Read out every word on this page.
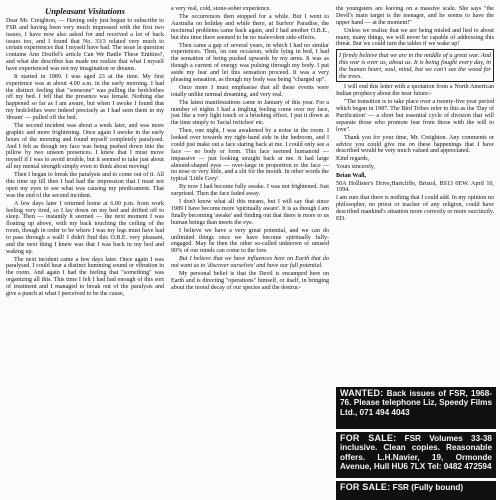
Unpleasant Visitations

Dear Mr. Creighton, — Having only just begun to subscribe to FSR and having been very much impressed with the first two issues, I have now also asked for and received a lot of back issues too, and I found that No. 33/3 related very much to certain experiences that I myself have had. The issue in question contains Ann Druffel's article Can We Battle These Entities?, and what she describes has made me realize that what I myself have experienced was not my imagination or dreams.

It started in 1989. I was aged 23 at the time. My first experience was at about 4.00 a.m. in the early morning. I had the distinct feeling that "someone" was pulling the bedclothes off my bed. I felt that the presence was female. Nothing else happened so far as I am aware, but when I awoke I found that my bedclothes were indeed precisely as I had seen them in my 'dream' — pulled off the bed.

The second incident was about a week later, and was more graphic and more frightening. Once again I awoke in the early hours of the morning and found myself completely paralysed. And I felt as though my face was being pushed down into the pillow by two unseen presences. I knew that I must move myself if I was to avoid trouble, but it seemed to take just about all my mental strength simply even to think about moving!

Then I began to break the paralysis and to come out of it. All this time up till then I had had the impression that I must not open my eyes to see what was causing my predicament. That was the end of the second incident.

A few days later I returned home at 6.00 p.m. from work feeling very tired, so I lay down on my bed and drifted off to sleep. Then — instantly it seemed — the next moment I was floating up above, with my back touching the ceiling of the room, though in order to be where I was my legs must have had to pass through a wall! I didn't find this O.B.E. very pleasant, and the next thing I knew was that I was back in my bed and waking up.

The next incident came a few days later. Once again I was paralysed. I could hear a distinct humming sound or vibration in the room. And again I had the feeling that "something" was organizing all this. This time I felt I had had enough of this sort of treatment and I managed to break out of the paralysis and give a punch at what I perceived to be the cause,

a very real, cold, stone-sober experience.

The occurrences then stopped for a while. But I went to Australia on holiday and while there, at Surfers' Paradise, the nocturnal problems came back again, and I had another O.B.E., but this time there seemed to be no malevolent side-effects.

Then came a gap of several years, in which I had no similar experiences. Then, on one occasion, while lying in bed, I had the sensation of being pushed upwards by my arms. It was as though a current of energy was pulsing through my body. I put aside my fear and let this sensation proceed. It was a very pleasing sensation, as though my body was being "charged up".

Once more I must emphasise that all these events were totally unlike normal dreaming, and very real.

The latest manifestations came in January of this year. For a number of nights I had a tingling feeling come over my face, just like a very light touch or a brushing effect. I put it down at the time simply to 'facial twitches' etc.

Then, one night, I was awakened by a noise in the room. I looked over towards my right-hand side in the bedroom, and I could just make out a face staring back at me. I could only see a face — no body or form. This face seemed humanoid — impassive — just looking straight back at me. It had large almond-shaped eyes — over-large in proportion to the face — no nose or very little, and a slit for the mouth. In other words the typical 'Little Grey'.

By now I had become fully awake. I was not frightened. Just surprised. Then the face faded away.

I don't know what all this means, but I will say that since 1989 I have become more 'spiritually aware'. It is as though I am finally becoming 'awake' and finding out that there is more to us human beings than meets the eye.

I believe we have a very great potential, and we can do unlimited things once we have become spiritually fully-engaged. May be then the other so-called unknown or unused 90% of our minds can come to the fore.

But I believe that we have influences here on Earth that do not want us to 'discover ourselves' and have our full potential.

My personal belief is that the Devil is encamped here on Earth and is directing "operations" himself, or itself, in bringing about the moral decay of our species and the destruc-

the youngsters are leaving on a massive scale. She says "the Devil's main target is the teenager, and he seems to have the upper hand — at the moment!"

Unless we realize that we are being misled and lied to about many, many things, we will never be capable of addressing this threat. But we could turn the tables if we wake up!

I firmly believe that we are in the middle of a great war. And this war is over us, about us. It is being fought every day, in the human heart, soul, mind, but we can't see the wood for the trees.

I will end this letter with a quotation from a North American Indian prophecy about the near future:-

"The transition is to take place over a twenty-five year period which began in 1987. The Bird Tribes refer to this as the 'Day of Purification' — a short but essential cycle of division that will separate those who promote fear from those with the will to love".

Thank you for your time, Mr. Creighton. Any comments or advice you could give me on these happenings that I have described would be very much valued and appreciated.

Kind regards,

Yours sincerely,

Brian Wall,

50A Hollister's Drive,Hartcliffe, Bristol, BS13 0EW. April 10, 1994.

I am sure that there is nothing that I could add. In my opinion no philosopher, no priest or teacher of any religion, could have described mankind's situation more correctly or more succinctly. ED.

WANTED: Back issues of FSR, 1968-76. Please telephone Liz, Speedy Films Ltd., 071 494 4043
FOR SALE: FSR Volumes 33-38 inclusive. Clean copies. Reasonable offers. L.H.Navier, 19, Ormonde Avenue, Hull HU6 7LX Tel: 0482 472594
FOR SALE: FSR (Fully bound)
